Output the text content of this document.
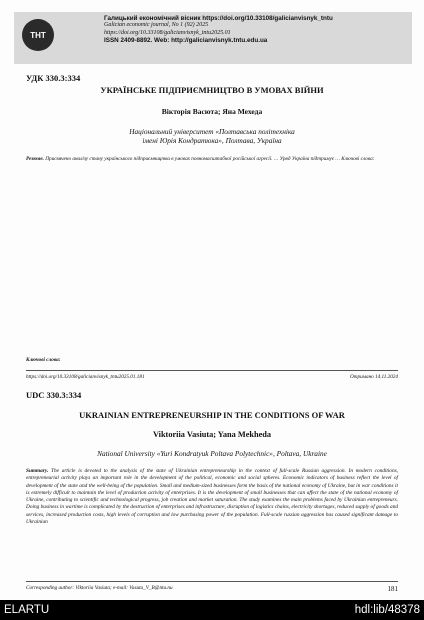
ТНТ
Галицький економічний вісник https://doi.org/10.33108/galicianvisnyk_tntu
Galician economic journal, No 1 (92) 2025
https://doi.org/10.33108/galicianvisnyk_tntu2025.01
ISSN 2409-8892. Web: http://galicianvisnyk.tntu.edu.ua
УДК 330.3:334
УКРАЇНСЬКЕ ПІДПРИЄМНИЦТВО В УМОВАХ ВІЙНИ
Вікторія Васюта; Яна Мехеда
Національний університет «Полтавська політехніка
імені Юрія Кондратюка», Полтава, Україна

Резюме. Присвячено аналізу стану українського підприємництва в умовах повномасштабної російської агресії. … Уряд Україна підтримує … Ключові слова:

Ключові слова:

https://doi.org/10.33108/galicianvisnyk_tntu2025.01.181	Отримано 14.11.2024
UDC 330.3:334
UKRAINIAN ENTREPRENEURSHIP IN THE CONDITIONS OF WAR
Viktoriia Vasiuta; Yana Mekheda
National University «Yuri Kondratyuk Poltava Polytechnic», Poltava, Ukraine

Summary. The article is devoted to the analysis of the state of Ukrainian entrepreneurship in the context of full-scale Russian aggression. In modern conditions, entrepreneurial activity plays an important role in the development of the political, economic and social spheres. Economic indicators of business reflect the level of development of the state and the well-being of the population. Small and medium-sized businesses form the basis of the national economy of Ukraine, but in war conditions it is extremely difficult to maintain the level of production activity of enterprises. It is the development of small businesses that can affect the state of the national economy of Ukraine, contributing to scientific and technological progress, job creation and market saturation. The study examines the main problems faced by Ukrainian entrepreneurs. Doing business in wartime is complicated by the destruction of enterprises and infrastructure, disruption of logistics chains, electricity shortages, reduced supply of goods and services, increased production costs, high levels of corruption and low purchasing power of the population. Full-scale russian aggression has caused significant damage to Ukrainian

Corresponding author: Viktoriia Vasiuta; e-mail: Vasuta_V_B@ntu.nu	181
ELARTU	hdl:lib/48378
